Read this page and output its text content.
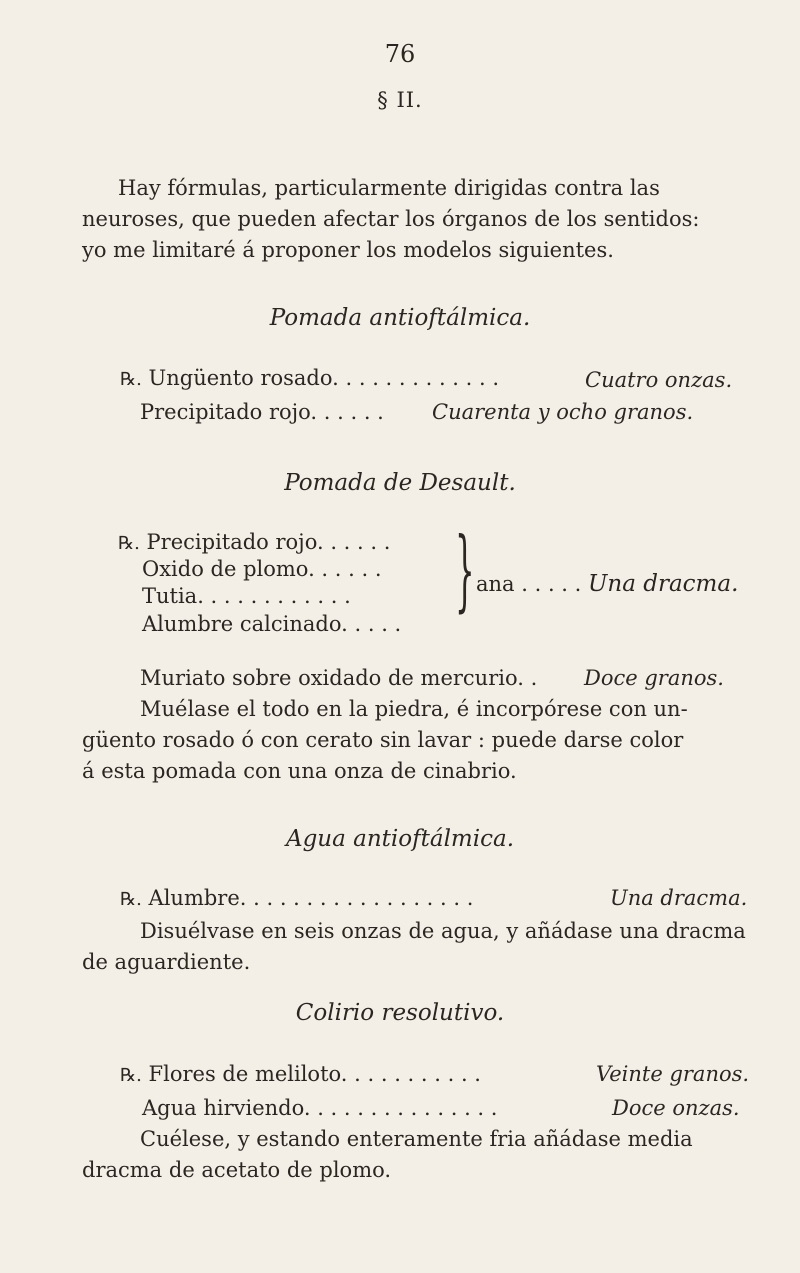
76
§ II.
Hay fórmulas, particularmente dirigidas contra las
neuroses, que pueden afectar los órganos de los sentidos:
yo me limitaré á proponer los modelos siguientes.
Pomada antioftálmica.
℞. Ungüento rosado. . . . . . . . . . . . .	Cuatro onzas.
Precipitado rojo. . . . . . Cuarenta y ocho granos.
Pomada de Desault.
℞. Precipitado rojo. . . . . .
Oxido de plomo. . . . . .
Tutia. . . . . . . . . . . .
Alumbre calcinado. . . . .
} ana . . . . . Una dracma.
Muriato sobre oxidado de mercurio. . Doce granos.
Muélase el todo en la piedra, é incorpórese con un-
güento rosado ó con cerato sin lavar : puede darse color
á esta pomada con una onza de cinabrio.
Agua antioftálmica.
℞. Alumbre. . . . . . . . . . . . . . . . . .	Una dracma.
Disuélvase en seis onzas de agua, y añádase una dracma
de aguardiente.
Colirio resolutivo.
℞. Flores de meliloto. . . . . . . . . . .	Veinte granos.
Agua hirviendo. . . . . . . . . . . . . . .	Doce onzas.
Cuélese, y estando enteramente fria añádase media
dracma de acetato de plomo.
